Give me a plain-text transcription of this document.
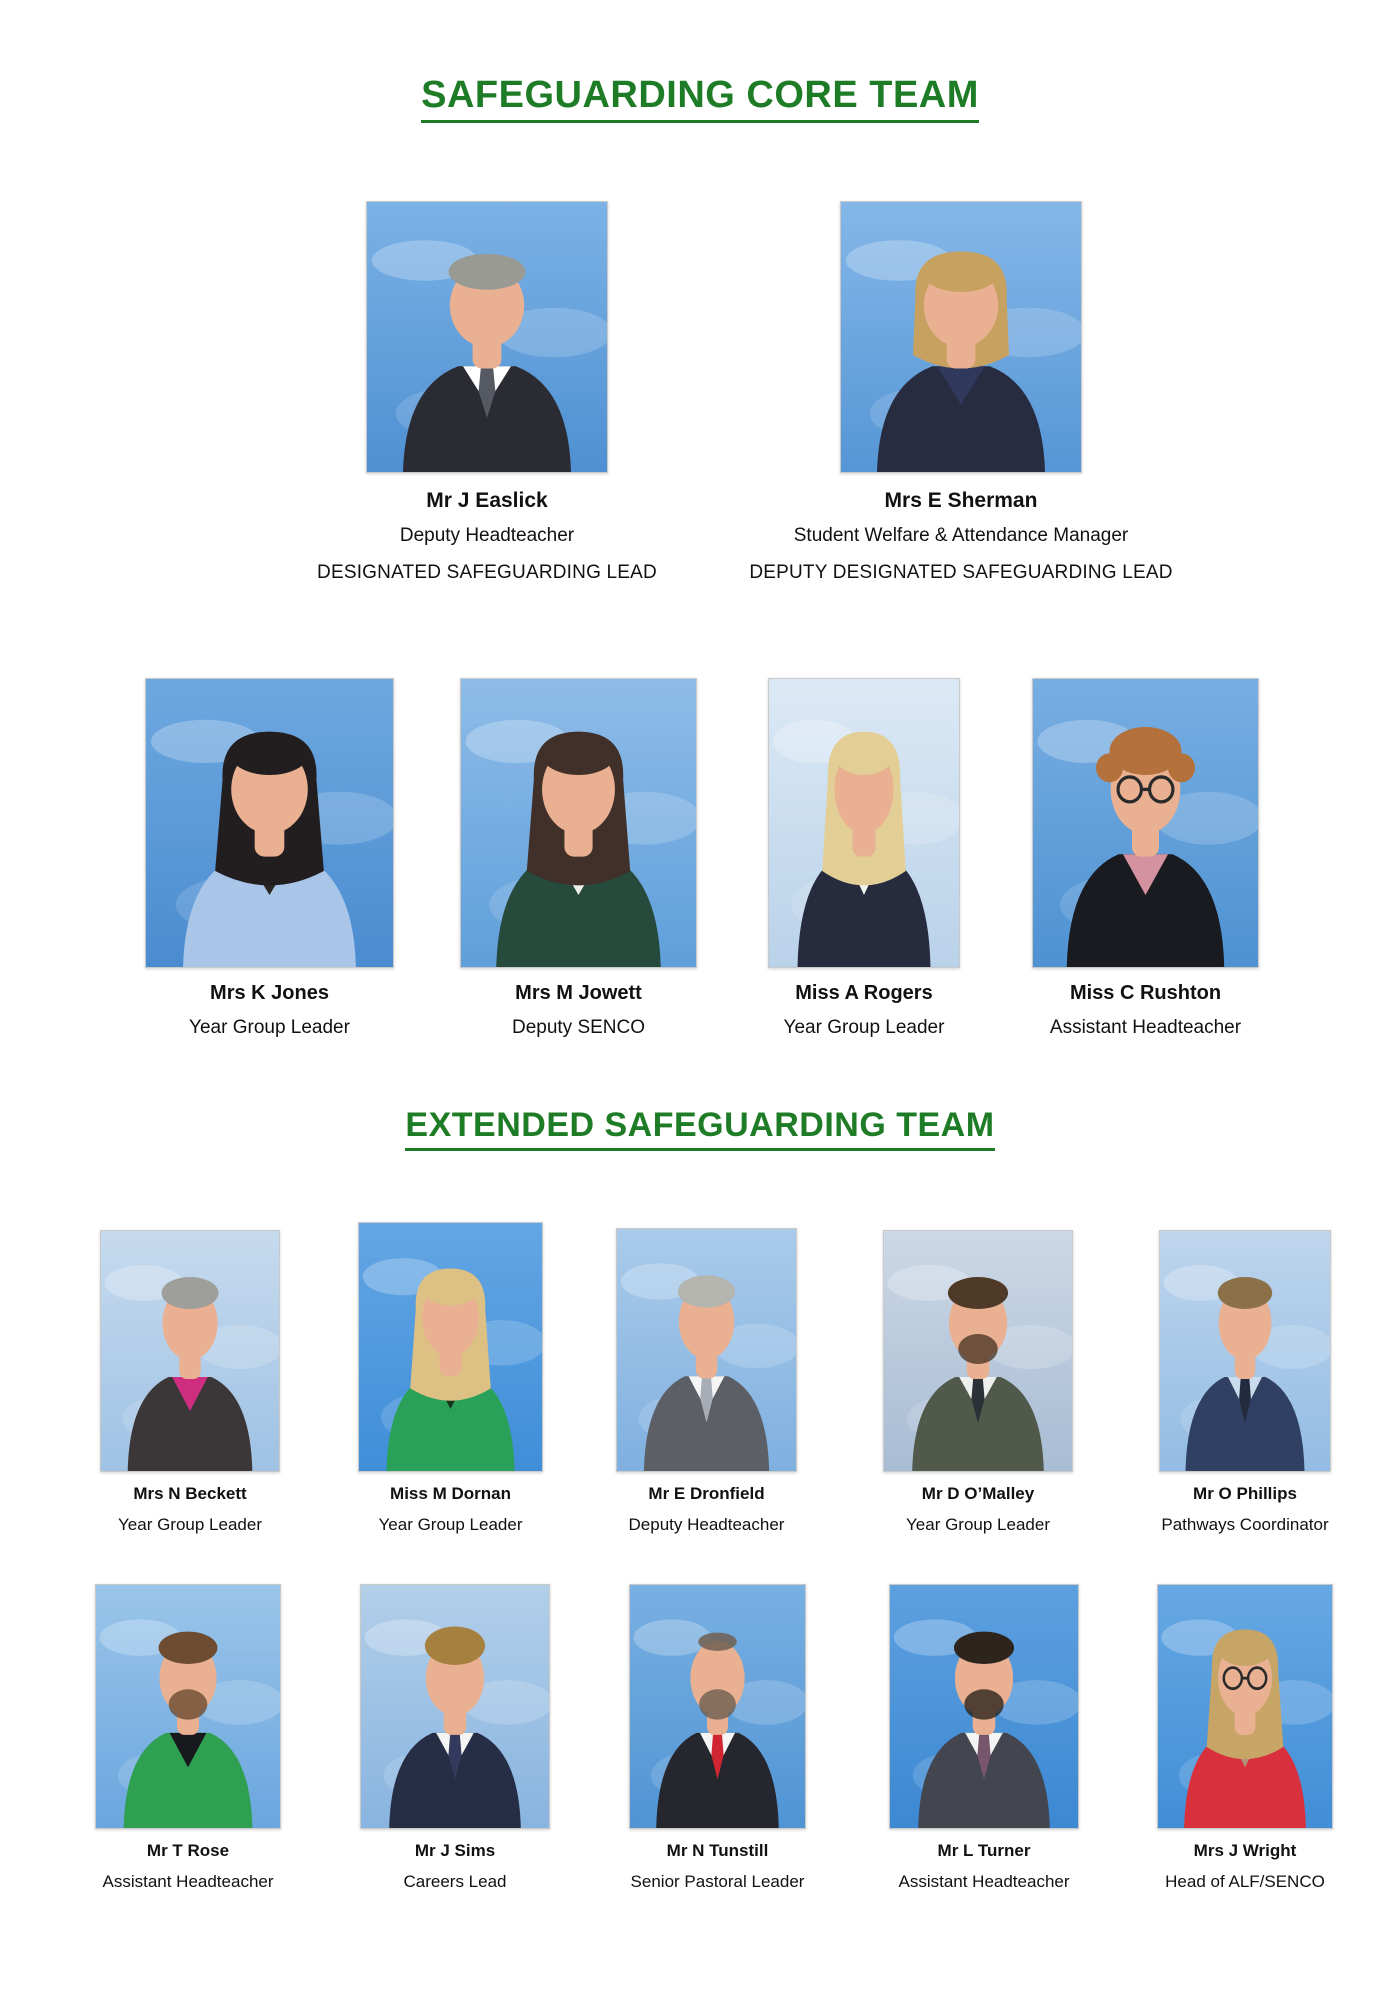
SAFEGUARDING CORE TEAM
Mr J Easlick
Deputy Headteacher
Mrs E Sherman
Student Welfare & Attendance Manager
DESIGNATED SAFEGUARDING LEAD	DEPUTY DESIGNATED SAFEGUARDING LEAD
Mrs K Jones
Year Group Leader
Mrs M Jowett
Deputy SENCO
Miss A Rogers
Year Group Leader
Miss C Rushton
Assistant Headteacher
EXTENDED SAFEGUARDING TEAM
Mrs N Beckett
Year Group Leader
Miss M Dornan
Year Group Leader
Mr E Dronfield
Deputy Headteacher
Mr D O’Malley
Year Group Leader
Mr O Phillips
Pathways Coordinator
Mr T Rose
Assistant Headteacher
Mr J Sims
Careers Lead
Mr N Tunstill
Senior Pastoral Leader
Mr L Turner
Assistant Headteacher
Mrs J Wright
Head of ALF/SENCO
